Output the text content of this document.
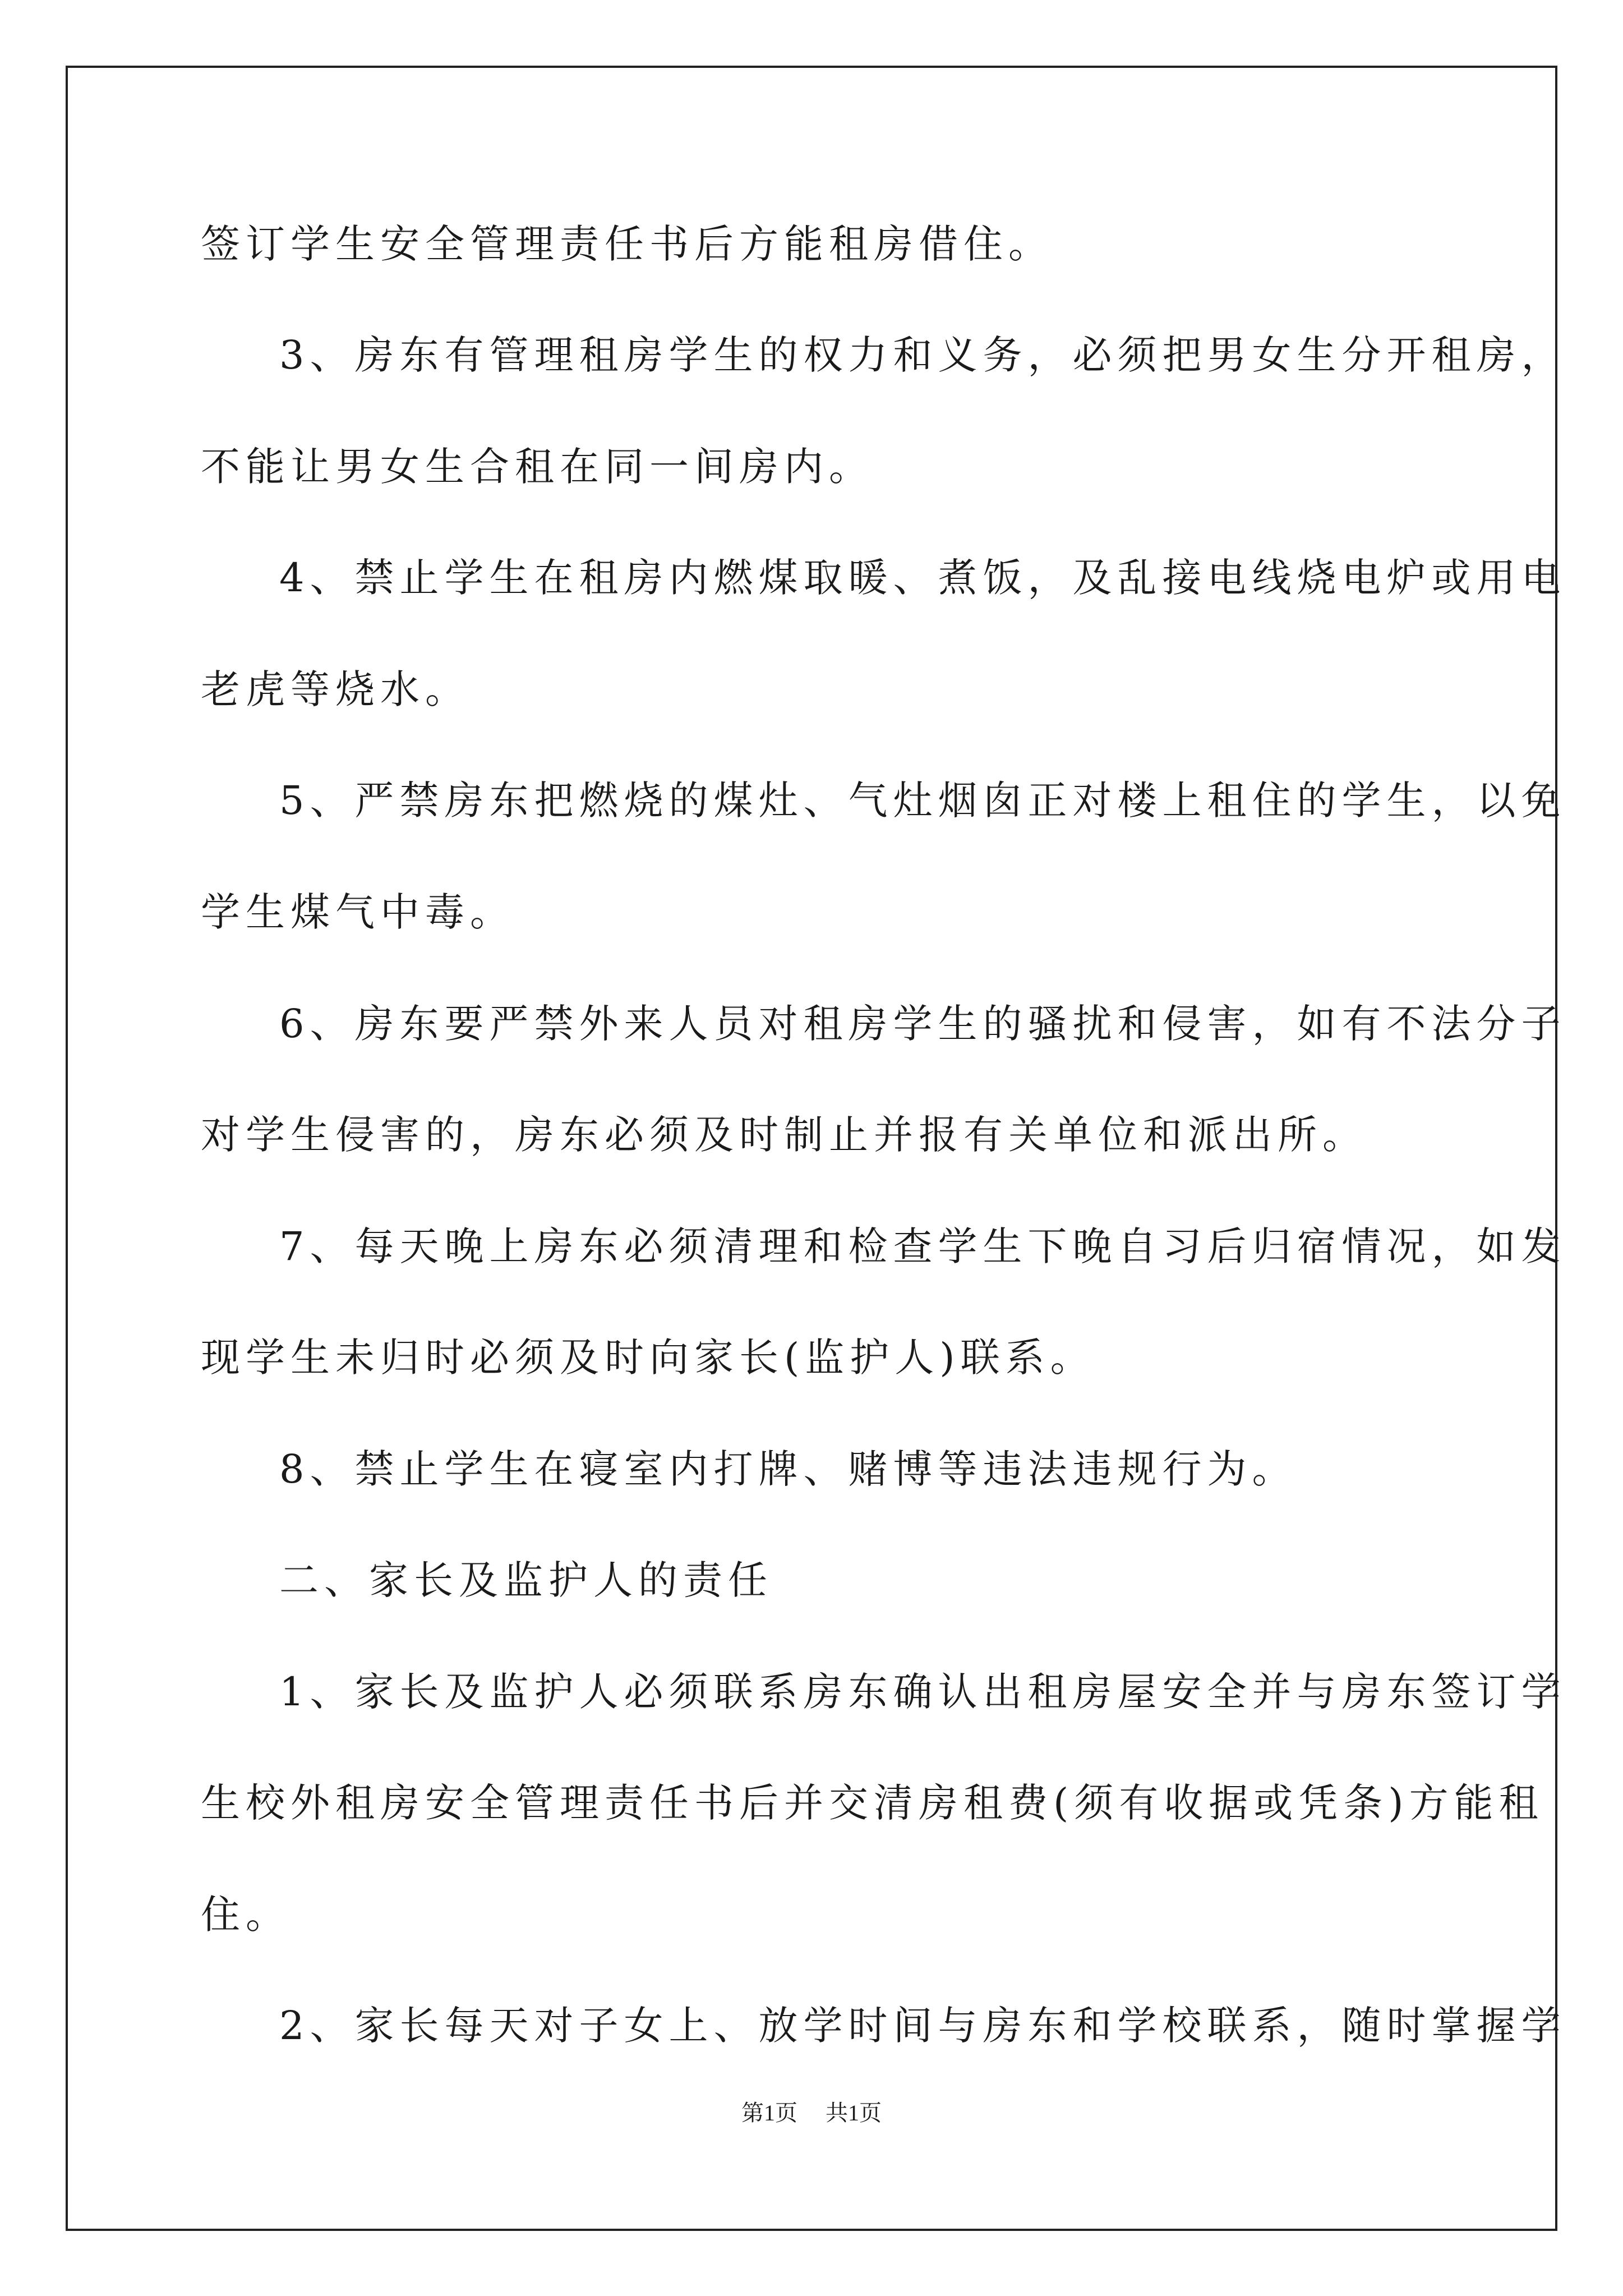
签订学生安全管理责任书后方能租房借住。
3、房东有管理租房学生的权力和义务，必须把男女生分开租房，
不能让男女生合租在同一间房内。
4、禁止学生在租房内燃煤取暖、煮饭，及乱接电线烧电炉或用电
老虎等烧水。
5、严禁房东把燃烧的煤灶、气灶烟囱正对楼上租住的学生，以免
学生煤气中毒。
6、房东要严禁外来人员对租房学生的骚扰和侵害，如有不法分子
对学生侵害的，房东必须及时制止并报有关单位和派出所。
7、每天晚上房东必须清理和检查学生下晚自习后归宿情况，如发
现学生未归时必须及时向家长(监护人)联系。
8、禁止学生在寝室内打牌、赌博等违法违规行为。
二、家长及监护人的责任
1、家长及监护人必须联系房东确认出租房屋安全并与房东签订学
生校外租房安全管理责任书后并交清房租费(须有收据或凭条)方能租
住。
2、家长每天对子女上、放学时间与房东和学校联系，随时掌握学
第1页 共1页
